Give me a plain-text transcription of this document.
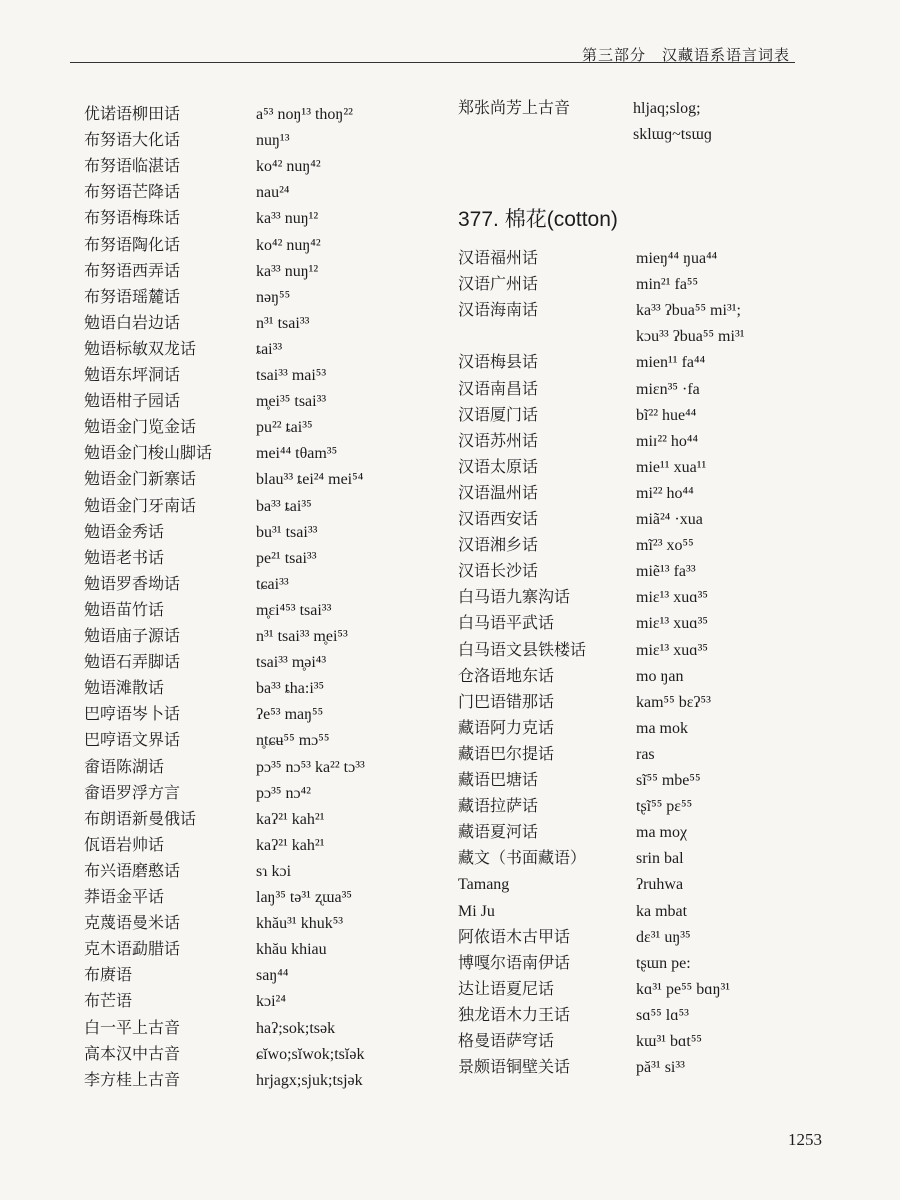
第三部分　汉藏语系语言词表
郑张尚芳上古音	hljaq;slog;
sklɯɡ~tsɯɡ
377. 棉花(cotton)
1253
优诺语柳田话	a⁵³ noŋ¹³ thoŋ²²
布努语大化话	nuŋ¹³
布努语临湛话	ko⁴² nuŋ⁴²
布努语芒降话	nau²⁴
布努语梅珠话	ka³³ nuŋ¹²
布努语陶化话	ko⁴² nuŋ⁴²
布努语西弄话	ka³³ nuŋ¹²
布努语瑶麓话	nəŋ⁵⁵
勉语白岩边话	n³¹ tsai³³
勉语标敏双龙话	ȶai³³
勉语东坪洞话	tsai³³ mai⁵³
勉语柑子园话	m̥ei³⁵ tsai³³
勉语金门览金话	pu²² ȶai³⁵
勉语金门梭山脚话	mei⁴⁴ tθam³⁵
勉语金门新寨话	blau³³ ȶei²⁴ mei⁵⁴
勉语金门牙南话	ba³³ ȶai³⁵
勉语金秀话	bu³¹ tsai³³
勉语老书话	pe²¹ tsai³³
勉语罗香坳话	tɕai³³
勉语苗竹话	m̥ɛi⁴⁵³ tsai³³
勉语庙子源话	n³¹ tsai³³ m̥ei⁵³
勉语石弄脚话	tsai³³ m̥əi⁴³
勉语滩散话	ba³³ ȶha:i³⁵
巴哼语岑卜话	ʔe⁵³ maŋ⁵⁵
巴哼语文界话	n̥tɕʉ⁵⁵ mɔ⁵⁵
畲语陈湖话	pɔ³⁵ nɔ⁵³ ka²² tɔ³³
畲语罗浮方言	pɔ³⁵ nɔ⁴²
布朗语新曼俄话	kaʔ²¹ kah²¹
佤语岩帅话	kaʔ²¹ kah²¹
布兴语磨憨话	sɿ kɔi
莽语金平话	laŋ³⁵ tə³¹ ʐɯa³⁵
克蔑语曼米话	khău³¹ khuk⁵³
克木语勐腊话	khău khiau
布赓语	saŋ⁴⁴
布芒语	kɔi²⁴
白一平上古音	haʔ;sok;tsək
高本汉中古音	ɕĭwo;sĭwok;tsĭək
李方桂上古音	hrjagx;sjuk;tsjək
汉语福州话	mieŋ⁴⁴ ŋua⁴⁴
汉语广州话	min²¹ fa⁵⁵
汉语海南话	ka³³ ʔbua⁵⁵ mi³¹;
kɔu³³ ʔbua⁵⁵ mi³¹
汉语梅县话	mien¹¹ fa⁴⁴
汉语南昌话	miɛn³⁵ ·fa
汉语厦门话	bĩ²² hue⁴⁴
汉语苏州话	miɪ²² ho⁴⁴
汉语太原话	mie¹¹ xua¹¹
汉语温州话	mi²² ho⁴⁴
汉语西安话	miã²⁴ ·xua
汉语湘乡话	mĩ²³ xo⁵⁵
汉语长沙话	miẽ¹³ fa³³
白马语九寨沟话	miɛ¹³ xuɑ³⁵
白马语平武话	miɛ¹³ xuɑ³⁵
白马语文县铁楼话	miɛ¹³ xuɑ³⁵
仓洛语地东话	mo ŋan
门巴语错那话	kam⁵⁵ bɛʔ⁵³
藏语阿力克话	ma mok
藏语巴尔提话	ras
藏语巴塘话	sĩ⁵⁵ mbe⁵⁵
藏语拉萨话	tʂĩ⁵⁵ pɛ⁵⁵
藏语夏河话	ma moχ
藏文（书面藏语）	srin bal
Tamang	ʔruhwa
Mi Ju	ka mbat
阿侬语木古甲话	dɛ³¹ uŋ³⁵
博嘎尔语南伊话	tʂɯn pe:
达让语夏尼话	kɑ³¹ pe⁵⁵ bɑŋ³¹
独龙语木力王话	sɑ⁵⁵ lɑ⁵³
格曼语萨穹话	kɯ³¹ bɑt⁵⁵
景颇语铜壁关话	pă³¹ si³³
